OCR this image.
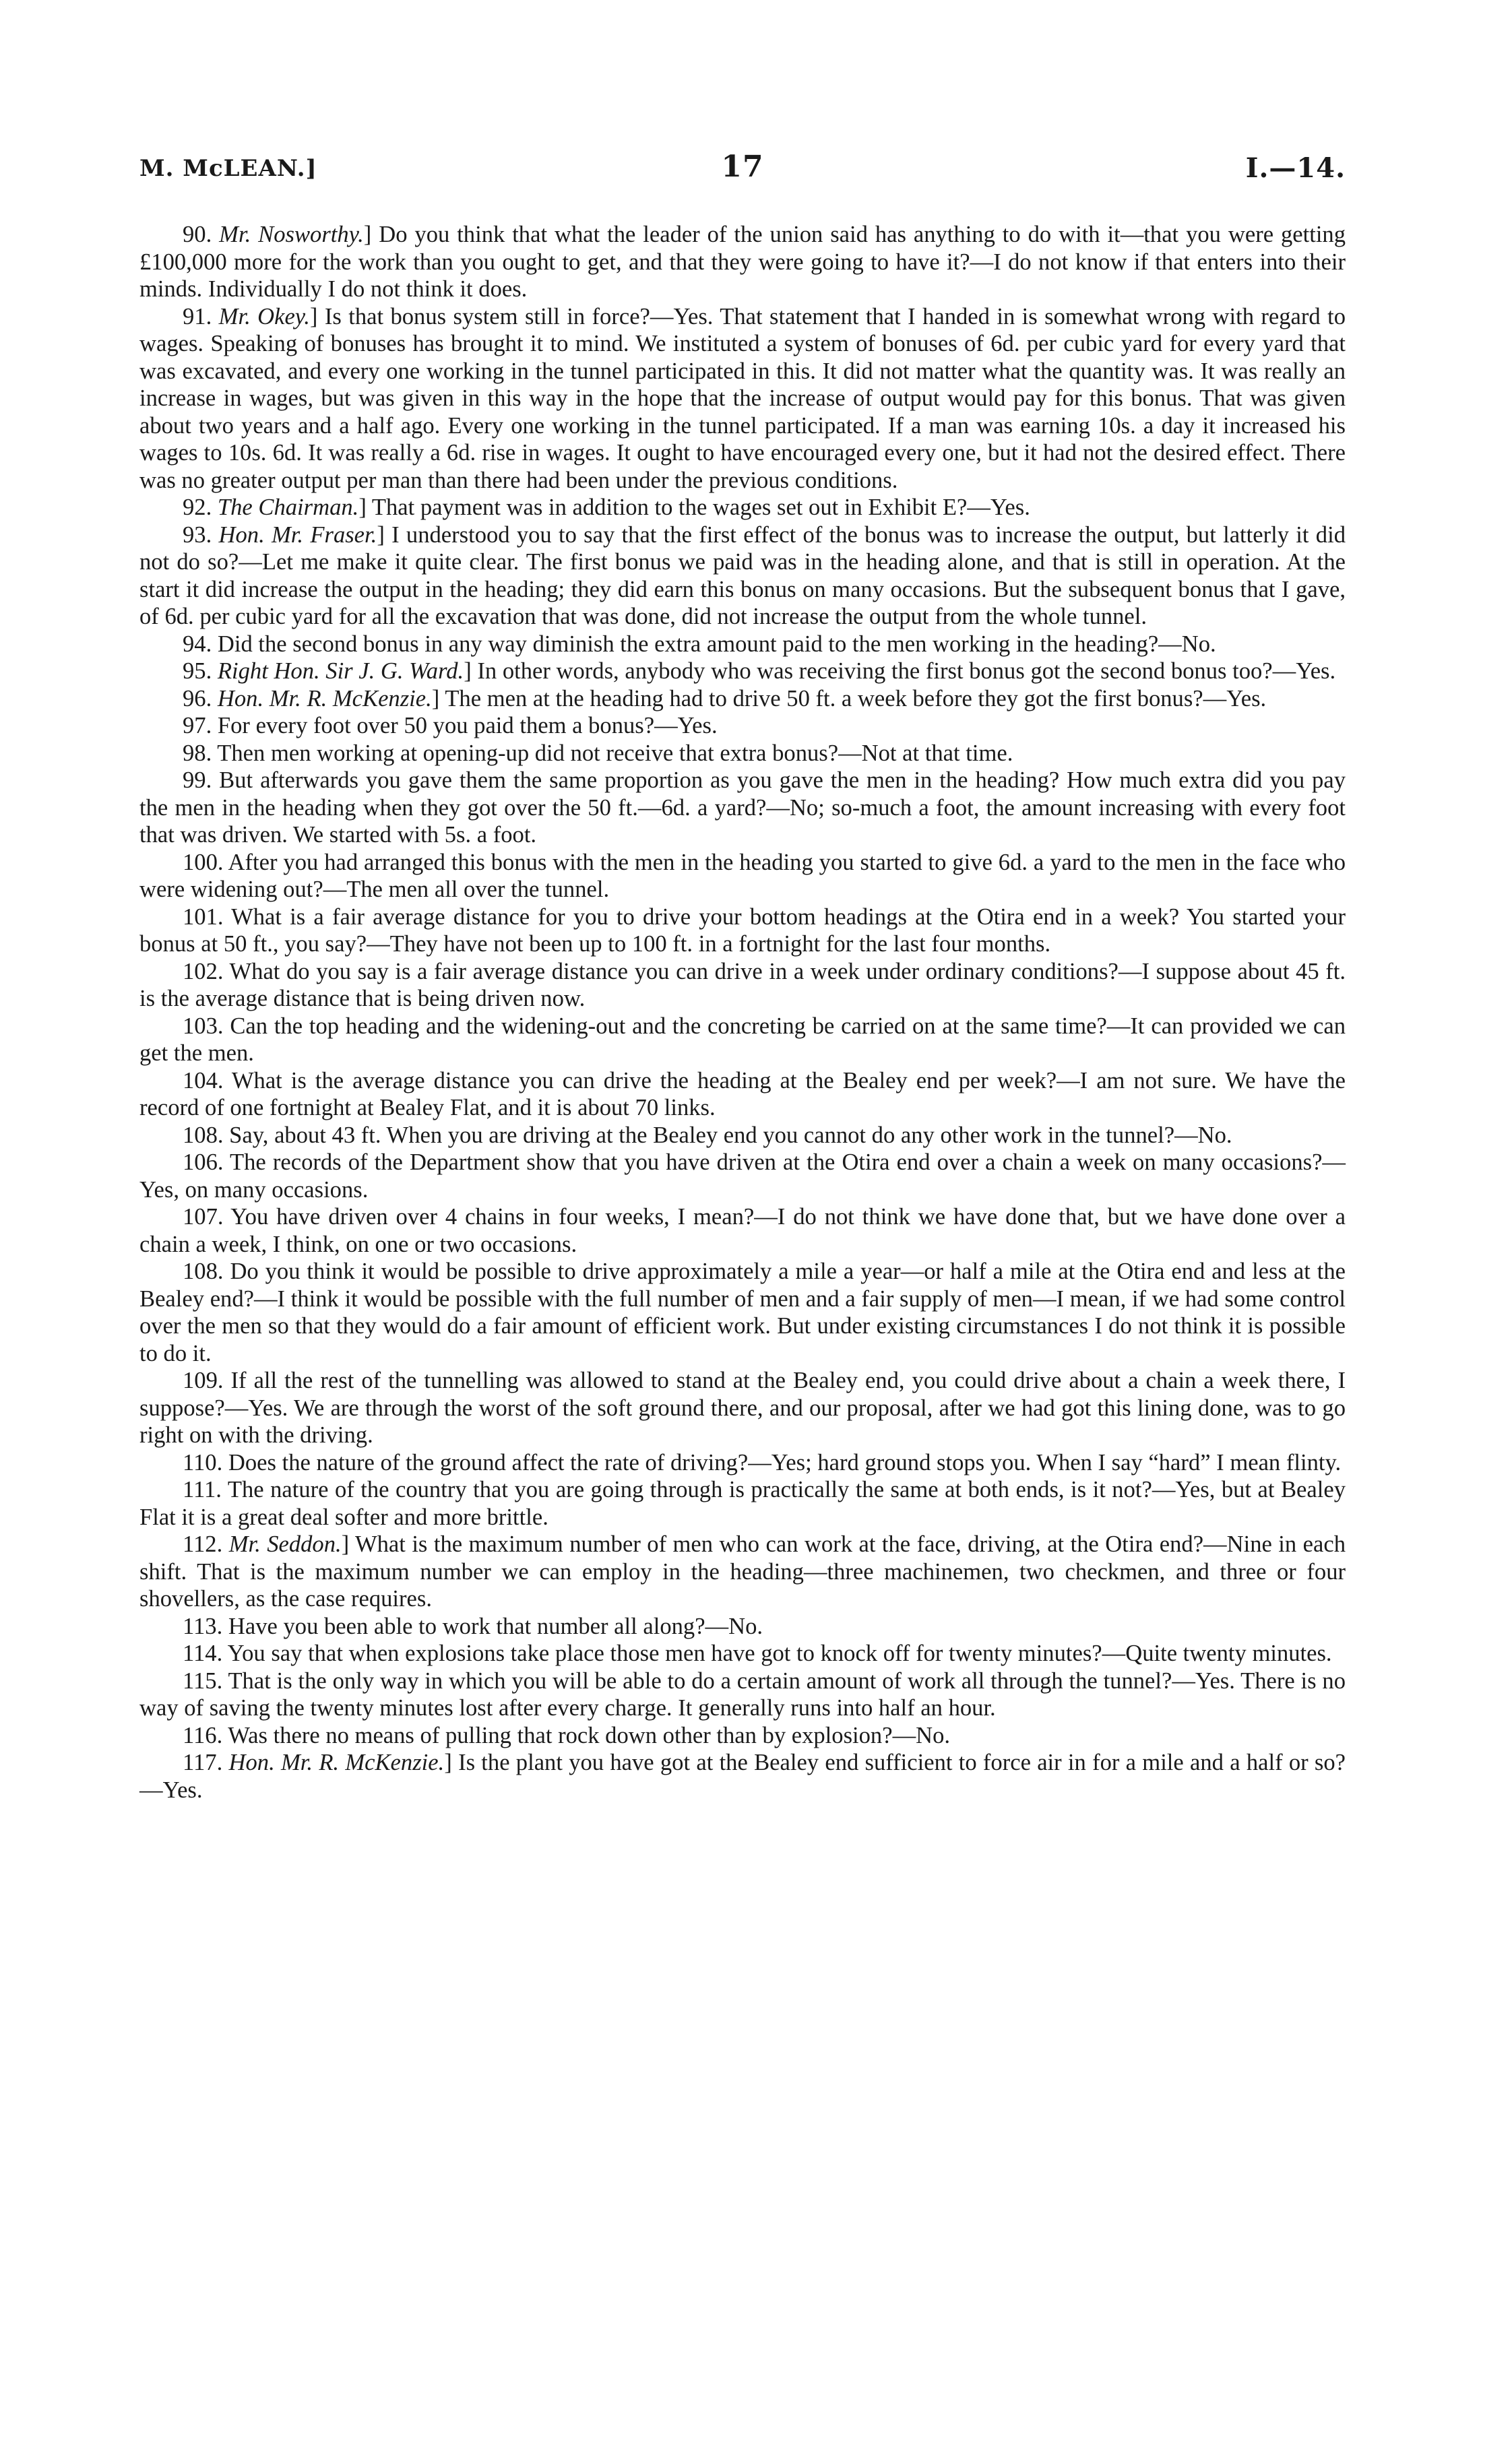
M. McLEAN.]	17	I.—14.

90. Mr. Nosworthy.] Do you think that what the leader of the union said has anything to do with it—that you were getting £100,000 more for the work than you ought to get, and that they were going to have it?—I do not know if that enters into their minds. Individually I do not think it does.

91. Mr. Okey.] Is that bonus system still in force?—Yes. That statement that I handed in is somewhat wrong with regard to wages. Speaking of bonuses has brought it to mind. We instituted a system of bonuses of 6d. per cubic yard for every yard that was excavated, and every one working in the tunnel participated in this. It did not matter what the quantity was. It was really an increase in wages, but was given in this way in the hope that the increase of output would pay for this bonus. That was given about two years and a half ago. Every one working in the tunnel participated. If a man was earning 10s. a day it increased his wages to 10s. 6d. It was really a 6d. rise in wages. It ought to have encouraged every one, but it had not the desired effect. There was no greater output per man than there had been under the previous conditions.

92. The Chairman.] That payment was in addition to the wages set out in Exhibit E?—Yes.

93. Hon. Mr. Fraser.] I understood you to say that the first effect of the bonus was to increase the output, but latterly it did not do so?—Let me make it quite clear. The first bonus we paid was in the heading alone, and that is still in operation. At the start it did increase the output in the heading; they did earn this bonus on many occasions. But the subsequent bonus that I gave, of 6d. per cubic yard for all the excavation that was done, did not increase the output from the whole tunnel.

94. Did the second bonus in any way diminish the extra amount paid to the men working in the heading?—No.

95. Right Hon. Sir J. G. Ward.] In other words, anybody who was receiving the first bonus got the second bonus too?—Yes.

96. Hon. Mr. R. McKenzie.] The men at the heading had to drive 50 ft. a week before they got the first bonus?—Yes.

97. For every foot over 50 you paid them a bonus?—Yes.

98. Then men working at opening-up did not receive that extra bonus?—Not at that time.

99. But afterwards you gave them the same proportion as you gave the men in the heading? How much extra did you pay the men in the heading when they got over the 50 ft.—6d. a yard?—No; so-much a foot, the amount increasing with every foot that was driven. We started with 5s. a foot.

100. After you had arranged this bonus with the men in the heading you started to give 6d. a yard to the men in the face who were widening out?—The men all over the tunnel.

101. What is a fair average distance for you to drive your bottom headings at the Otira end in a week? You started your bonus at 50 ft., you say?—They have not been up to 100 ft. in a fortnight for the last four months.

102. What do you say is a fair average distance you can drive in a week under ordinary conditions?—I suppose about 45 ft. is the average distance that is being driven now.

103. Can the top heading and the widening-out and the concreting be carried on at the same time?—It can provided we can get the men.

104. What is the average distance you can drive the heading at the Bealey end per week?—I am not sure. We have the record of one fortnight at Bealey Flat, and it is about 70 links.

108. Say, about 43 ft. When you are driving at the Bealey end you cannot do any other work in the tunnel?—No.

106. The records of the Department show that you have driven at the Otira end over a chain a week on many occasions?—Yes, on many occasions.

107. You have driven over 4 chains in four weeks, I mean?—I do not think we have done that, but we have done over a chain a week, I think, on one or two occasions.

108. Do you think it would be possible to drive approximately a mile a year—or half a mile at the Otira end and less at the Bealey end?—I think it would be possible with the full number of men and a fair supply of men—I mean, if we had some control over the men so that they would do a fair amount of efficient work. But under existing circumstances I do not think it is possible to do it.

109. If all the rest of the tunnelling was allowed to stand at the Bealey end, you could drive about a chain a week there, I suppose?—Yes. We are through the worst of the soft ground there, and our proposal, after we had got this lining done, was to go right on with the driving.

110. Does the nature of the ground affect the rate of driving?—Yes; hard ground stops you. When I say “hard” I mean flinty.

111. The nature of the country that you are going through is practically the same at both ends, is it not?—Yes, but at Bealey Flat it is a great deal softer and more brittle.

112. Mr. Seddon.] What is the maximum number of men who can work at the face, driving, at the Otira end?—Nine in each shift. That is the maximum number we can employ in the heading—three machinemen, two checkmen, and three or four shovellers, as the case requires.

113. Have you been able to work that number all along?—No.

114. You say that when explosions take place those men have got to knock off for twenty minutes?—Quite twenty minutes.

115. That is the only way in which you will be able to do a certain amount of work all through the tunnel?—Yes. There is no way of saving the twenty minutes lost after every charge. It generally runs into half an hour.

116. Was there no means of pulling that rock down other than by explosion?—No.

117. Hon. Mr. R. McKenzie.] Is the plant you have got at the Bealey end sufficient to force air in for a mile and a half or so?—Yes.
